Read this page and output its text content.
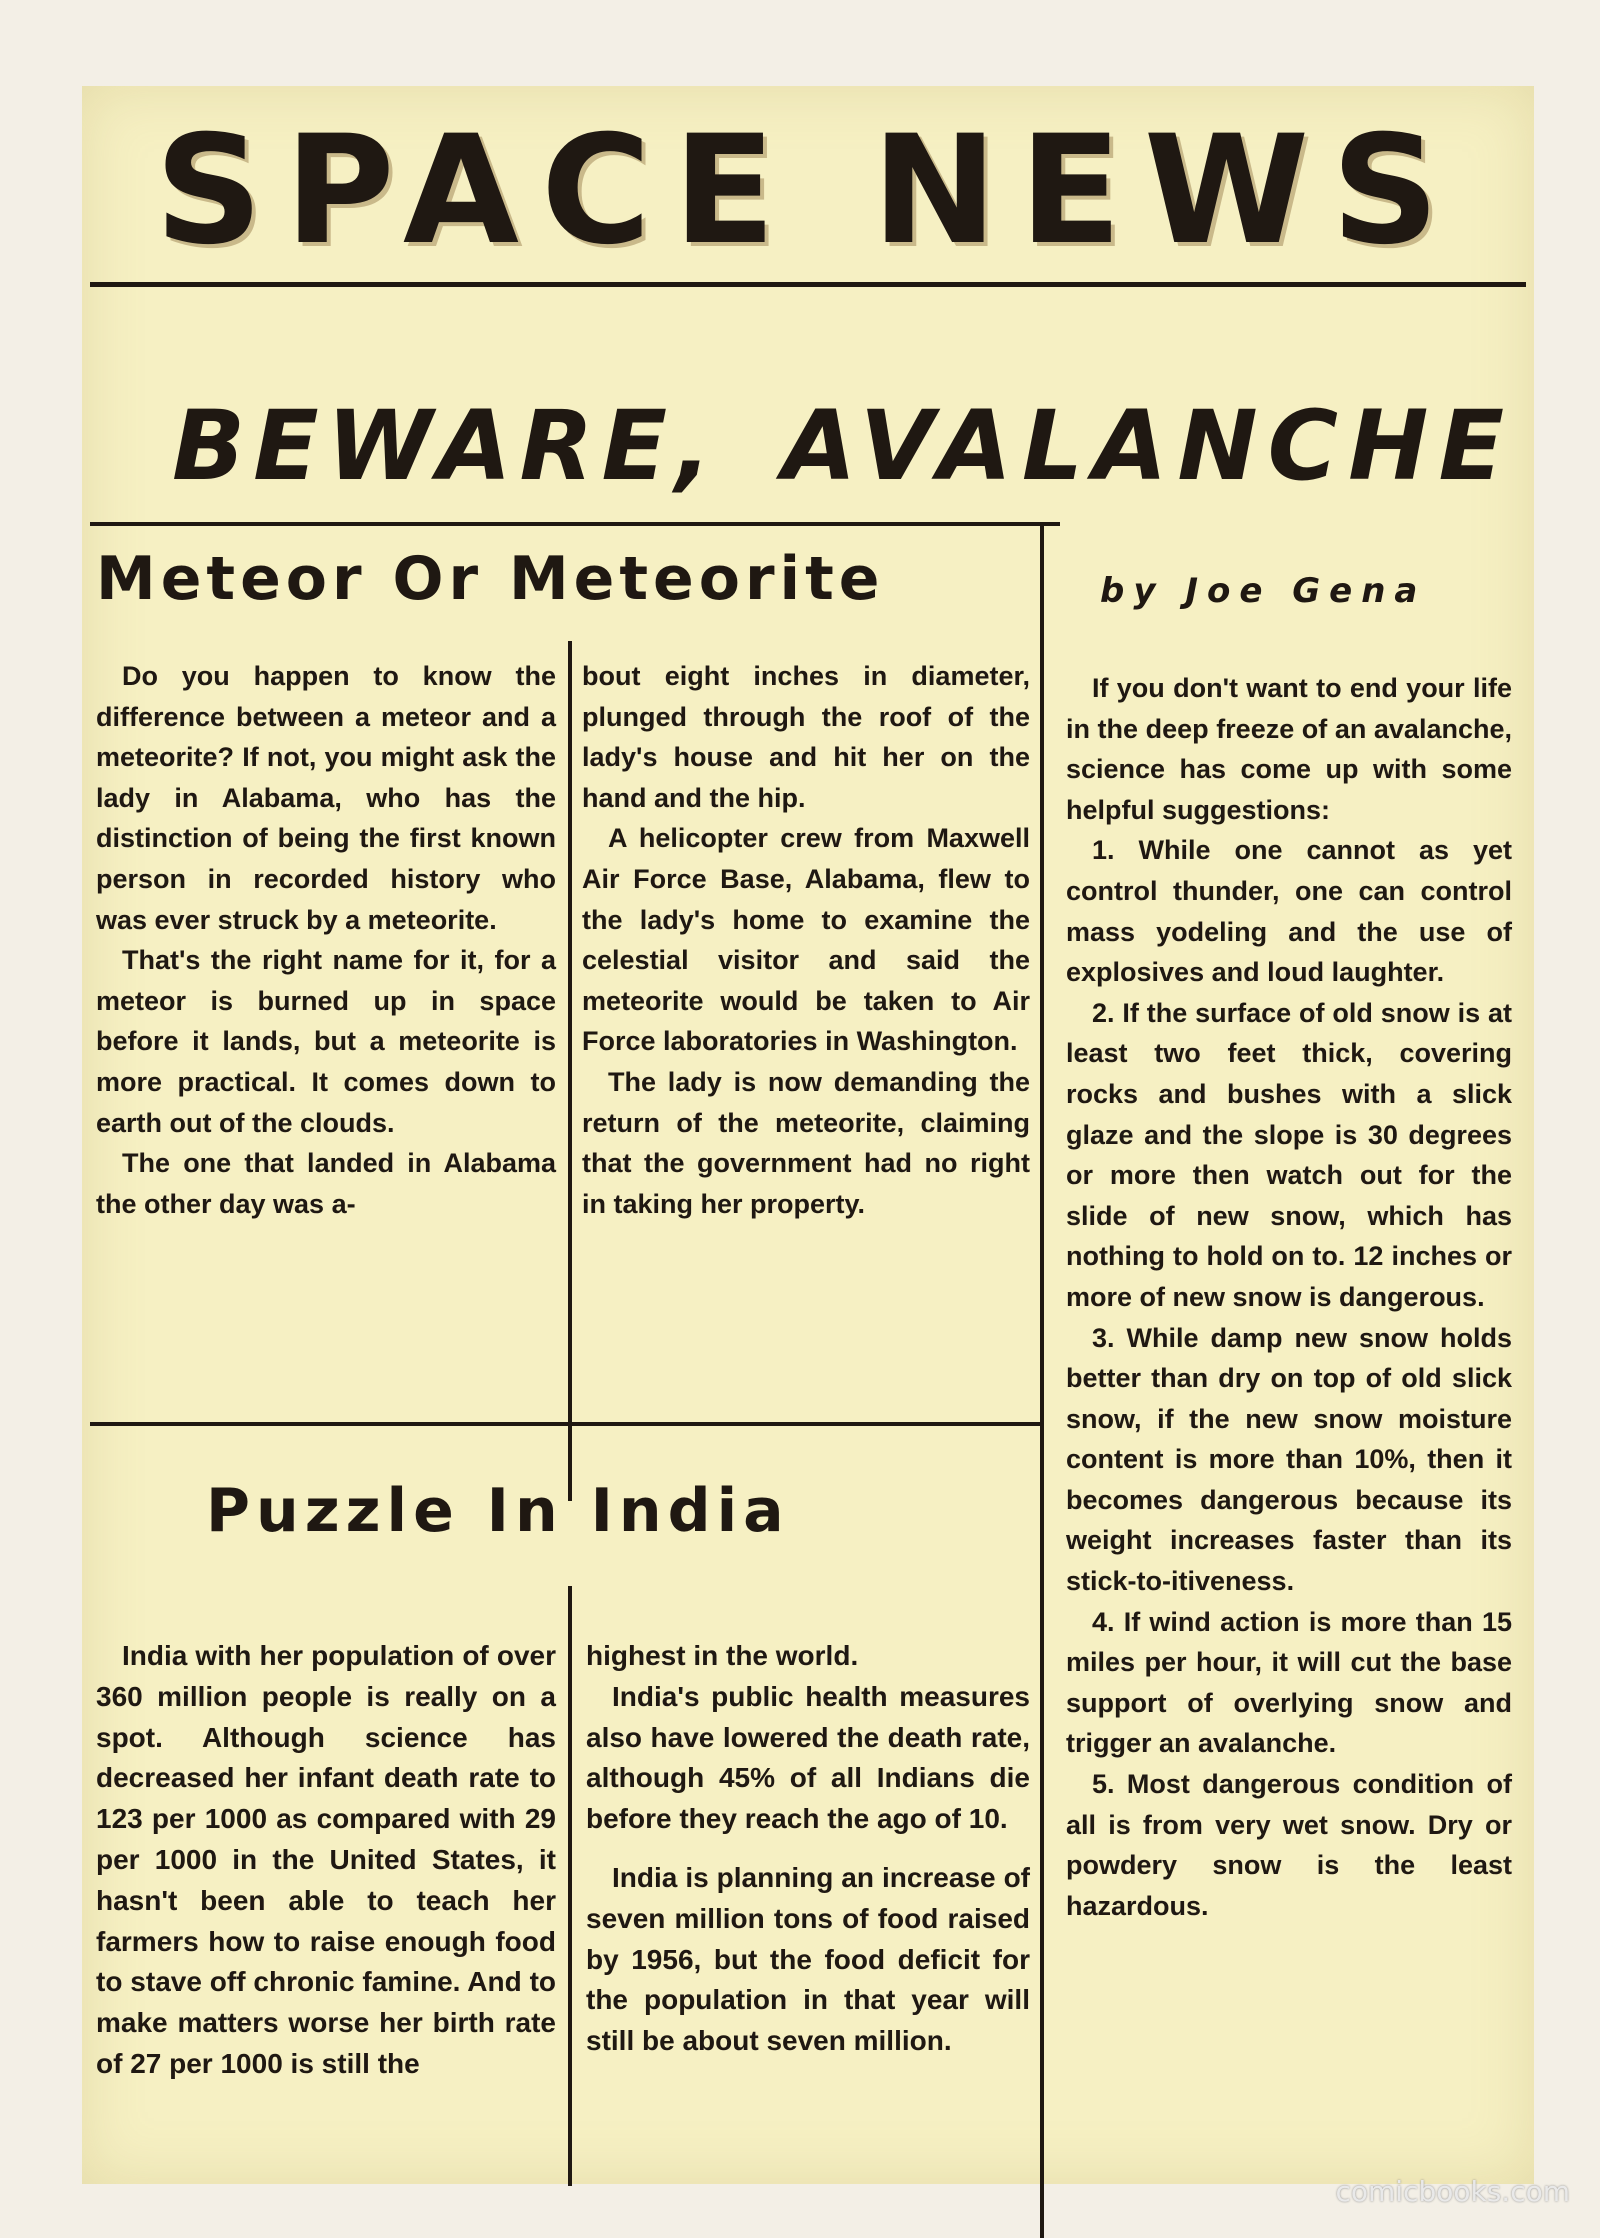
SPACE NEWS
BEWARE, AVALANCHE
Meteor Or Meteorite

Do you happen to know the difference between a meteor and a meteorite? If not, you might ask the lady in Alabama, who has the distinction of being the first known person in recorded history who was ever struck by a meteorite.

That's the right name for it, for a meteor is burned up in space before it lands, but a meteorite is more practical. It comes down to earth out of the clouds.

The one that landed in Alabama the other day was a-

bout eight inches in diameter, plunged through the roof of the lady's house and hit her on the hand and the hip.

A helicopter crew from Maxwell Air Force Base, Alabama, flew to the lady's home to examine the celestial visitor and said the meteorite would be taken to Air Force laboratories in Washington.

The lady is now demanding the return of the meteorite, claiming that the government had no right in taking her property.

Puzzle In India

India with her population of over 360 million people is really on a spot. Although science has decreased her infant death rate to 123 per 1000 as compared with 29 per 1000 in the United States, it hasn't been able to teach her farmers how to raise enough food to stave off chronic famine. And to make matters worse her birth rate of 27 per 1000 is still the

highest in the world.

India's public health measures also have lowered the death rate, although 45% of all Indians die before they reach the ago of 10.

India is planning an increase of seven million tons of food raised by 1956, but the food deficit for the population in that year will still be about seven million.

by Joe Gena

If you don't want to end your life in the deep freeze of an avalanche, science has come up with some helpful suggestions:

1. While one cannot as yet control thunder, one can control mass yodeling and the use of explosives and loud laughter.

2. If the surface of old snow is at least two feet thick, covering rocks and bushes with a slick glaze and the slope is 30 degrees or more then watch out for the slide of new snow, which has nothing to hold on to. 12 inches or more of new snow is dangerous.

3. While damp new snow holds better than dry on top of old slick snow, if the new snow moisture content is more than 10%, then it becomes dangerous because its weight increases faster than its stick-to-itiveness.

4. If wind action is more than 15 miles per hour, it will cut the base support of overlying snow and trigger an avalanche.

5. Most dangerous condition of all is from very wet snow. Dry or powdery snow is the least hazardous.

comicbooks.com
